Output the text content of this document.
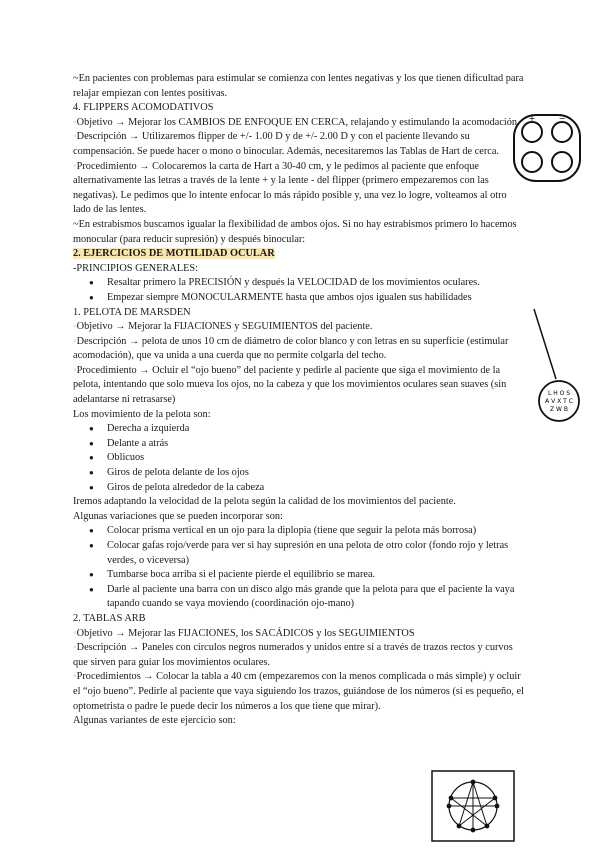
~En pacientes con problemas para estimular se comienza con lentes negativas y los que tienen dificultad para relajar empiezan con lentes positivas.

4. FLIPPERS ACOMODATIVOS

◦Objetivo → Mejorar los CAMBIOS DE ENFOQUE EN CERCA, relajando y estimulando la acomodación.

◦Descripción → Utilizaremos flipper de +/- 1.00 D y de +/- 2.00 D y con el paciente llevando su compensación. Se puede hacer o mono o binocular. Además, necesitaremos las Tablas de Hart de cerca.

◦Procedimiento → Colocaremos la carta de Hart a 30-40 cm, y le pedimos al paciente que enfoque alternativamente las letras a través de la lente + y la lente - del flipper (primero empezaremos con las negativas). Le pedimos que lo intente enfocar lo más rápido posible y, una vez lo logre, volteamos al otro lado de las lentes.

~En estrabismos buscamos igualar la flexibilidad de ambos ojos. Si no hay estrabismos primero lo hacemos monocular (para reducir supresión) y después binocular:

2. EJERCICIOS DE MOTILIDAD OCULAR

-PRINCIPIOS GENERALES:

● Resaltar primero la PRECISIÓN y después la VELOCIDAD de los movimientos oculares.
● Empezar siempre MONOCULARMENTE hasta que ambos ojos igualen sus habilidades

1. PELOTA DE MARSDEN

◦Objetivo → Mejorar la FIJACIONES y SEGUIMIENTOS del paciente.

◦Descripción → pelota de unos 10 cm de diámetro de color blanco y con letras en su superficie (estimular acomodación), que va unida a una cuerda que no permite colgarla del techo.

◦Procedimiento → Ocluir el “ojo bueno” del paciente y pedirle al paciente que siga el movimiento de la pelota, intentando que solo mueva los ojos, no la cabeza y que los movimientos oculares sean suaves (sin adelantarse ni retrasarse)

Los movimiento de la pelota son:

● Derecha a izquierda
● Delante a atrás
● Oblicuos
● Giros de pelota delante de los ojos
● Giros de pelota alrededor de la cabeza

Iremos adaptando la velocidad de la pelota según la calidad de los movimientos del paciente.

Algunas variaciones que se pueden incorporar son:

● Colocar prisma vertical en un ojo para la diplopia (tiene que seguir la pelota más borrosa)
● Colocar gafas rojo/verde para ver si hay supresión en una pelota de otro color (fondo rojo y letras verdes, o viceversa)
● Tumbarse boca arriba si el paciente pierde el equilibrio se marea.
● Darle al paciente una barra con un disco algo más grande que la pelota para que el paciente la vaya tapando cuando se vaya moviendo (coordinación ojo-mano)

2. TABLAS ARB

◦Objetivo → Mejorar las FIJACIONES, los SACÁDICOS y los SEGUIMIENTOS

◦Descripción → Paneles con círculos negros numerados y unidos entre sí a través de trazos rectos y curvos que sirven para guiar los movimientos oculares.

◦Procedimientos → Colocar la tabla a 40 cm (empezaremos con la menos complicada o más simple) y ocluir el “ojo bueno”. Pedirle al paciente que vaya siguiendo los trazos, guiándose de los números (si es pequeño, el optometrista o padre le puede decir los números a los que tiene que mirar).

Algunas variantes de este ejercicio son:

+	−
L H O S
A V X T C
Z W B
